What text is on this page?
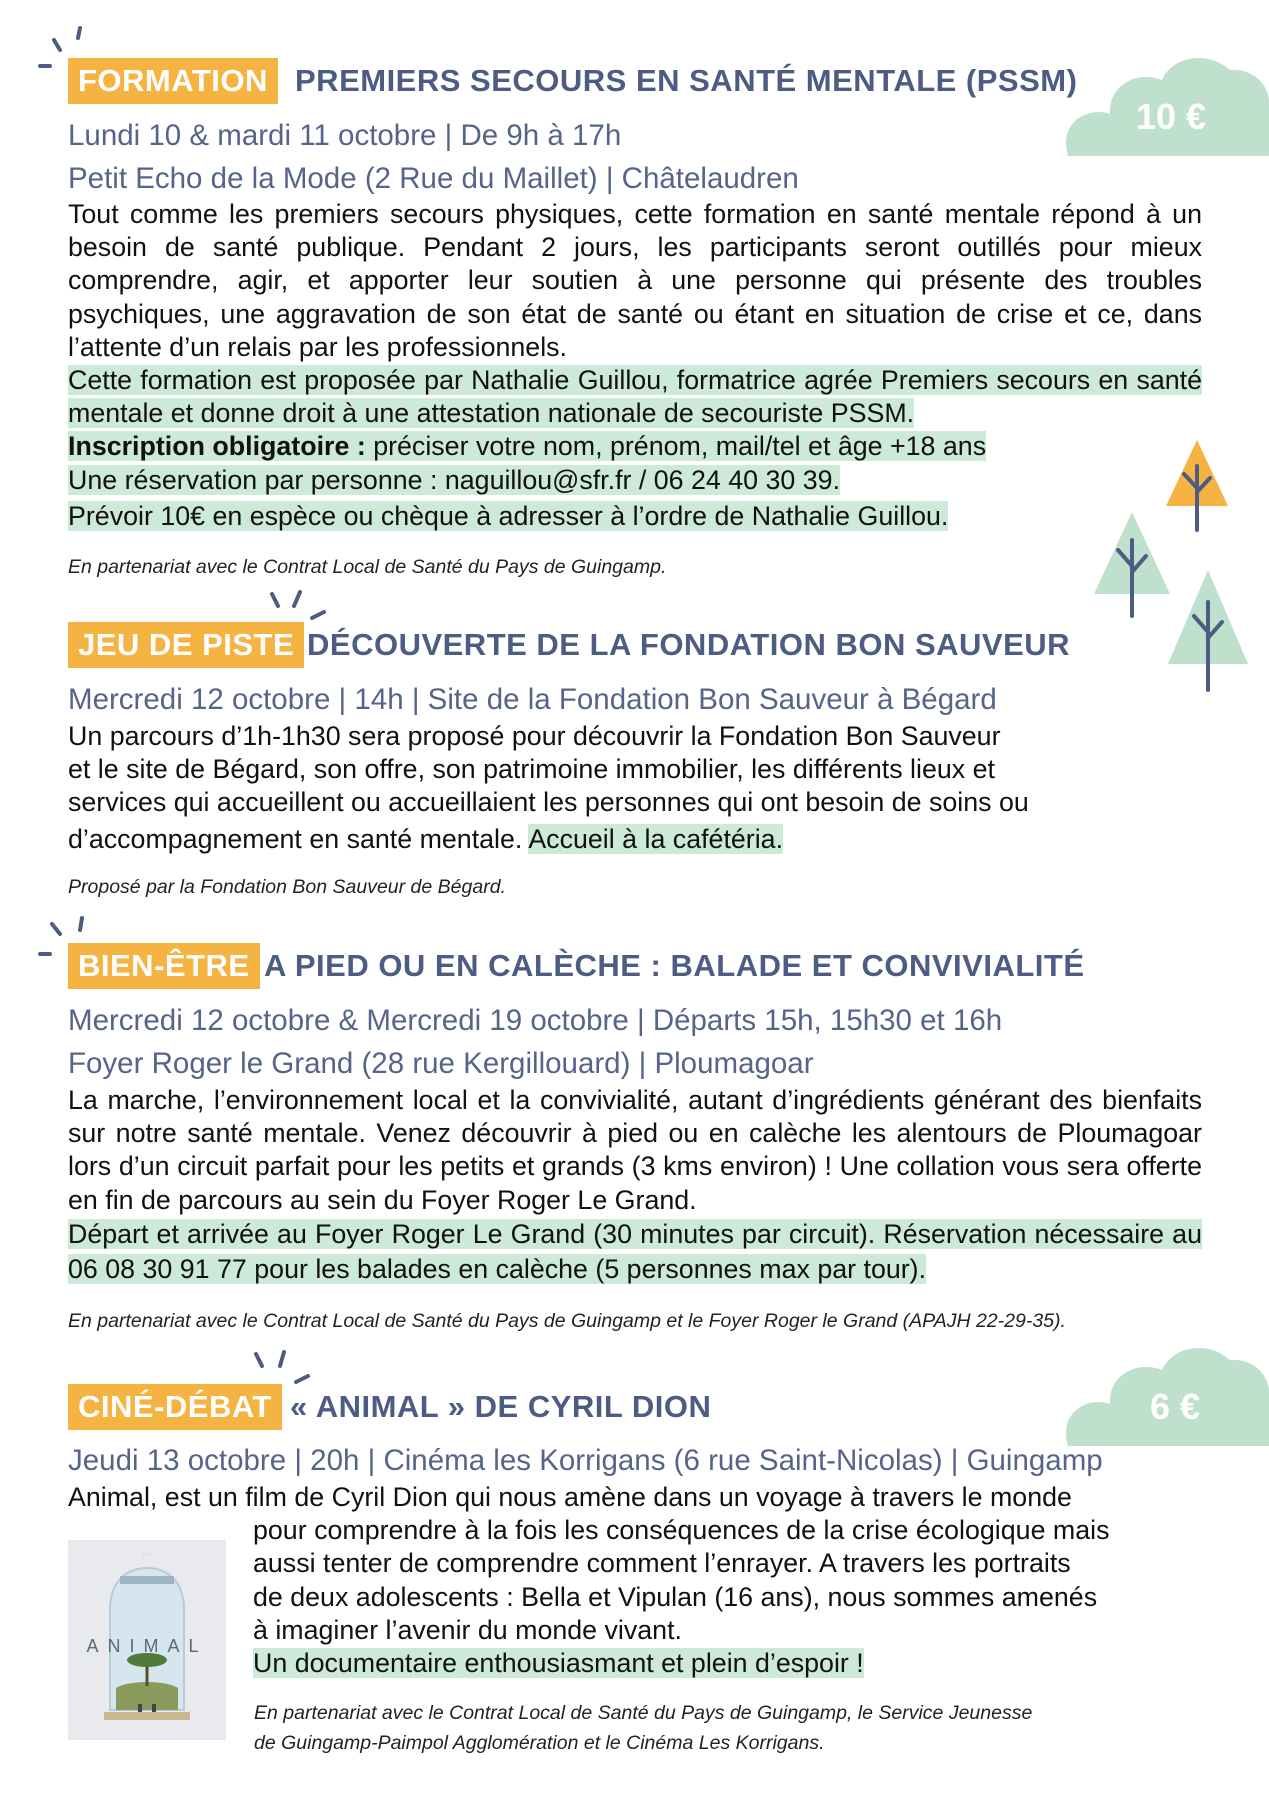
10 €
6 €
FORMATION PREMIERS SECOURS EN SANTÉ MENTALE (PSSM)
Lundi 10 & mardi 11 octobre | De 9h à 17h
Petit Echo de la Mode (2 Rue du Maillet) | Châtelaudren

Tout comme les premiers secours physiques, cette formation en santé mentale répond à un besoin de santé publique. Pendant 2 jours, les participants seront outillés pour mieux comprendre, agir, et apporter leur soutien à une personne qui présente des troubles psychiques, une aggravation de son état de santé ou étant en situation de crise et ce, dans l’attente d’un relais par les professionnels.

Cette formation est proposée par Nathalie Guillou, formatrice agrée Premiers secours en santé mentale et donne droit à une attestation nationale de secouriste PSSM.

Inscription obligatoire : préciser votre nom, prénom, mail/tel et âge +18 ans

Une réservation par personne : naguillou@sfr.fr / 06 24 40 30 39.

Prévoir 10€ en espèce ou chèque à adresser à l’ordre de Nathalie Guillou.

En partenariat avec le Contrat Local de Santé du Pays de Guingamp.
JEU DE PISTE DÉCOUVERTE DE LA FONDATION BON SAUVEUR
Mercredi 12 octobre | 14h | Site de la Fondation Bon Sauveur à Bégard

Un parcours d’1h-1h30 sera proposé pour découvrir la Fondation Bon Sauveur

et le site de Bégard, son offre, son patrimoine immobilier, les différents lieux et

services qui accueillent ou accueillaient les personnes qui ont besoin de soins ou

d’accompagnement en santé mentale. Accueil à la cafétéria.

Proposé par la Fondation Bon Sauveur de Bégard.
BIEN-ÊTRE A PIED OU EN CALÈCHE : BALADE ET CONVIVIALITÉ
Mercredi 12 octobre & Mercredi 19 octobre | Départs 15h, 15h30 et 16h
Foyer Roger le Grand (28 rue Kergillouard) | Ploumagoar

La marche, l’environnement local et la convivialité, autant d’ingrédients générant des bienfaits sur notre santé mentale. Venez découvrir à pied ou en calèche les alentours de Ploumagoar lors d’un circuit parfait pour les petits et grands (3 kms environ) ! Une collation vous sera offerte en fin de parcours au sein du Foyer Roger Le Grand.

Départ et arrivée au Foyer Roger Le Grand (30 minutes par circuit). Réservation nécessaire au 06 08 30 91 77 pour les balades en calèche (5 personnes max par tour).

En partenariat avec le Contrat Local de Santé du Pays de Guingamp et le Foyer Roger le Grand (APAJH 22-29-35).
CINÉ-DÉBAT « ANIMAL » DE CYRIL DION
Jeudi 13 octobre | 20h | Cinéma les Korrigans (6 rue Saint-Nicolas) | Guingamp

Animal, est un film de Cyril Dion qui nous amène dans un voyage à travers le monde

pour comprendre à la fois les conséquences de la crise écologique mais

aussi tenter de comprendre comment l’enrayer. A travers les portraits

de deux adolescents : Bella et Vipulan (16 ans), nous sommes amenés

à imaginer l’avenir du monde vivant.

Un documentaire enthousiasmant et plein d’espoir !

· · ·
ANIMAL
En partenariat avec le Contrat Local de Santé du Pays de Guingamp, le Service Jeunesse
de Guingamp-Paimpol Agglomération et le Cinéma Les Korrigans.
